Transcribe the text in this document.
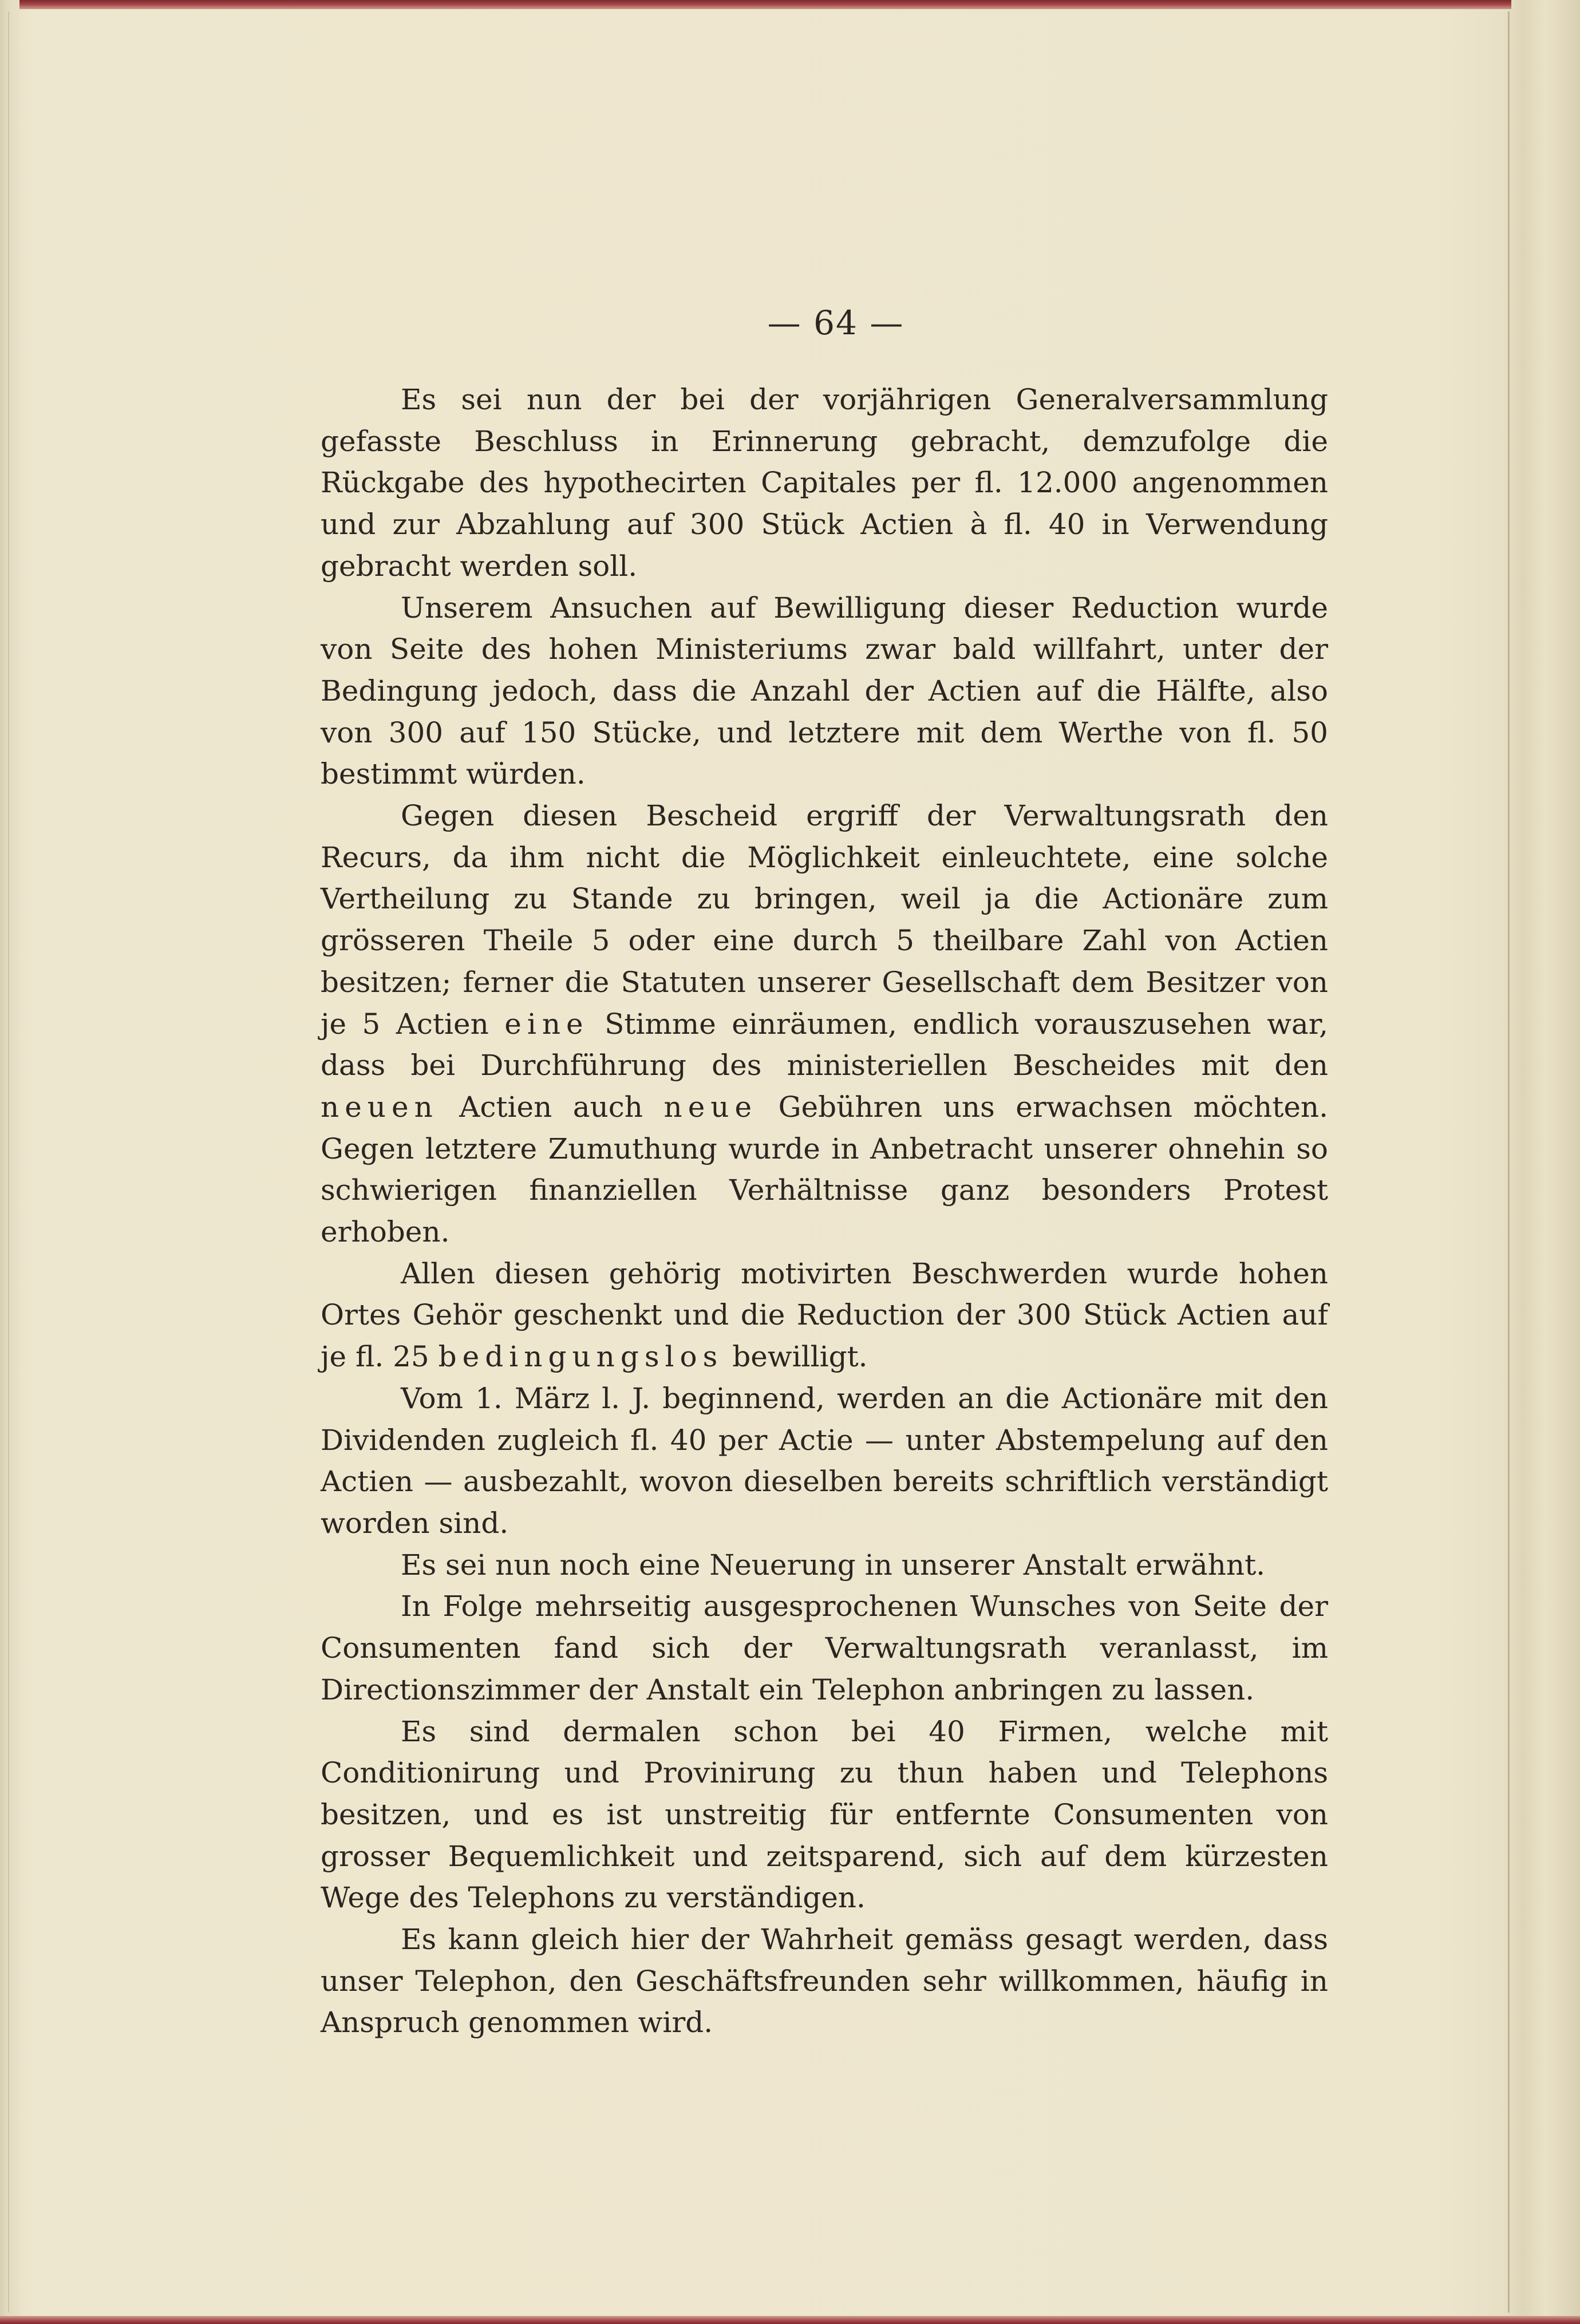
— 64 —

Es sei nun der bei der vorjährigen Generalversammlung gefasste Beschluss in Erinnerung gebracht, demzufolge die Rückgabe des hypothecirten Capitales per fl. 12.000 angenommen und zur Abzahlung auf 300 Stück Actien à fl. 40 in Verwendung gebracht werden soll.

Unserem Ansuchen auf Bewilligung dieser Reduction wurde von Seite des hohen Ministeriums zwar bald willfahrt, unter der Bedingung jedoch, dass die Anzahl der Actien auf die Hälfte, also von 300 auf 150 Stücke, und letztere mit dem Werthe von fl. 50 bestimmt würden.

Gegen diesen Bescheid ergriff der Verwaltungsrath den Recurs, da ihm nicht die Möglichkeit einleuchtete, eine solche Vertheilung zu Stande zu bringen, weil ja die Actionäre zum grösseren Theile 5 oder eine durch 5 theilbare Zahl von Actien besitzen; ferner die Statuten unserer Gesellschaft dem Besitzer von je 5 Actien eine Stimme einräumen, endlich vorauszusehen war, dass bei Durchführung des ministeriellen Bescheides mit den neuen Actien auch neue Gebühren uns erwachsen möchten. Gegen letztere Zumuthung wurde in Anbetracht unserer ohnehin so schwierigen finanziellen Verhältnisse ganz besonders Protest erhoben.

Allen diesen gehörig motivirten Beschwerden wurde hohen Ortes Gehör geschenkt und die Reduction der 300 Stück Actien auf je fl. 25 bedingungslos bewilligt.

Vom 1. März l. J. beginnend, werden an die Actionäre mit den Dividenden zugleich fl. 40 per Actie — unter Abstempelung auf den Actien — ausbezahlt, wovon dieselben bereits schriftlich verständigt worden sind.

Es sei nun noch eine Neuerung in unserer Anstalt erwähnt.

In Folge mehrseitig ausgesprochenen Wunsches von Seite der Consumenten fand sich der Verwaltungsrath veranlasst, im Directionszimmer der Anstalt ein Telephon anbringen zu lassen.

Es sind dermalen schon bei 40 Firmen, welche mit Conditionirung und Provinirung zu thun haben und Telephons besitzen, und es ist unstreitig für entfernte Consumenten von grosser Bequemlichkeit und zeitsparend, sich auf dem kürzesten Wege des Telephons zu verständigen.

Es kann gleich hier der Wahrheit gemäss gesagt werden, dass unser Telephon, den Geschäftsfreunden sehr willkommen, häufig in Anspruch genommen wird.
